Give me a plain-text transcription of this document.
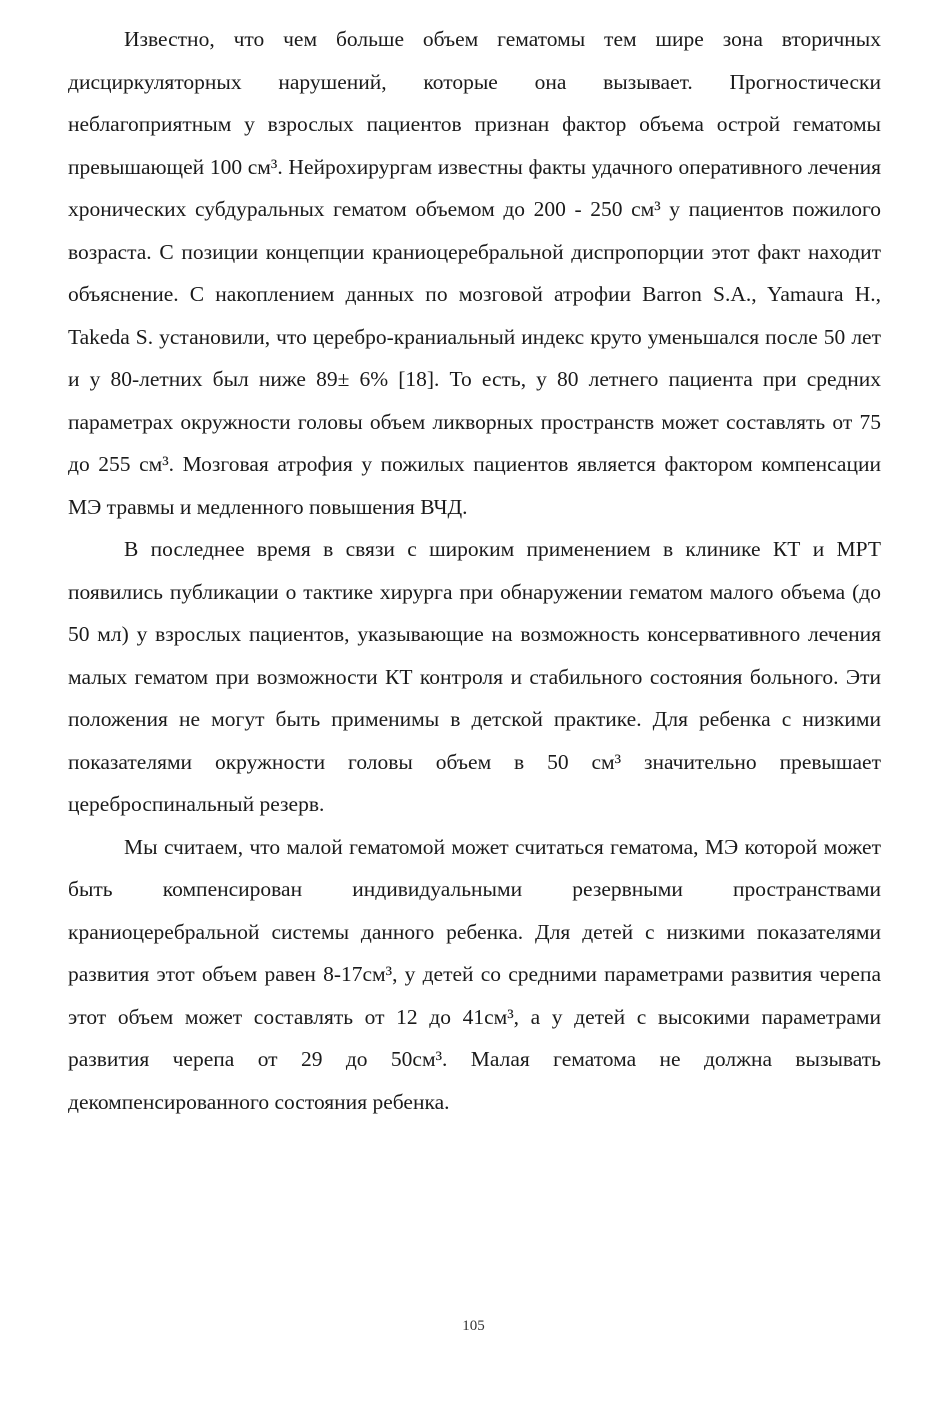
Известно, что чем больше объем гематомы тем шире зона вторичных дисциркуляторных нарушений, которые она вызывает. Прогностически неблагоприятным у взрослых пациентов признан фактор объема острой гематомы превышающей 100 см³. Нейрохирургам известны факты удачного оперативного лечения хронических субдуральных гематом объемом до 200 - 250 см³ у пациентов пожилого возраста. С позиции концепции краниоцеребральной диспропорции этот факт находит объяснение. С накоплением данных по мозговой атрофии Barron S.A., Yamaura H., Takeda S. установили, что церебро-краниальный индекс круто уменьшался после 50 лет и у 80-летних был ниже 89± 6% [18]. То есть, у 80 летнего пациента при средних параметрах окружности головы объем ликворных пространств может составлять от 75 до 255 см³. Мозговая атрофия у пожилых пациентов является фактором компенсации МЭ травмы и медленного повышения ВЧД.

В последнее время в связи с широким применением в клинике КТ и МРТ появились публикации о тактике хирурга при обнаружении гематом малого объема (до 50 мл) у взрослых пациентов, указывающие на возможность консервативного лечения малых гематом при возможности КТ контроля и стабильного состояния больного. Эти положения не могут быть применимы в детской практике. Для ребенка с низкими показателями окружности головы объем в 50 см³ значительно превышает цереброспинальный резерв.

Мы считаем, что малой гематомой может считаться гематома, МЭ которой может быть компенсирован индивидуальными резервными пространствами краниоцеребральной системы данного ребенка. Для детей с низкими показателями развития этот объем равен 8-17см³, у детей со средними параметрами развития черепа этот объем может составлять от 12 до 41см³, а у детей с высокими параметрами развития черепа от 29 до 50см³. Малая гематома не должна вызывать декомпенсированного состояния ребенка.

105
